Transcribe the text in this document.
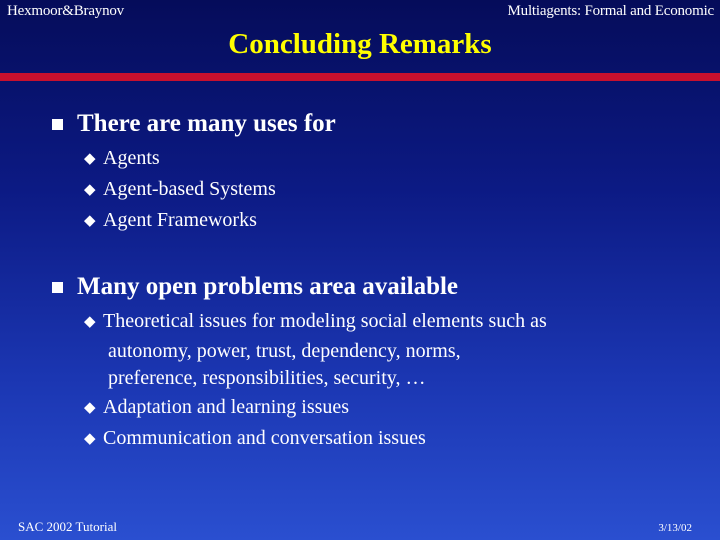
Hexmoor&Braynov	Multiagents: Formal and Economic
Concluding Remarks
There are many uses for
◆ Agents
◆ Agent-based Systems
◆ Agent Frameworks
Many open problems area available
◆ Theoretical issues for modeling social elements such as
autonomy, power, trust, dependency, norms,
preference, responsibilities, security, …
◆ Adaptation and learning issues
◆ Communication and conversation issues
SAC 2002 Tutorial	3/13/02
